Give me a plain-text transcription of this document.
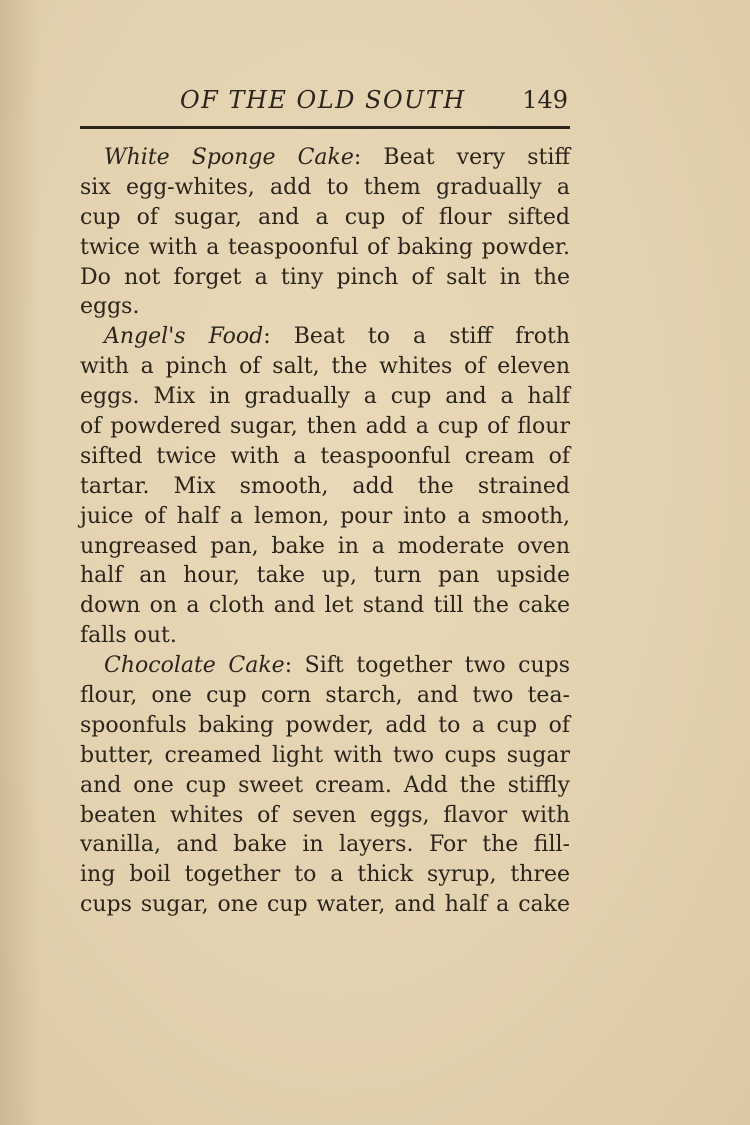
OF THE OLD SOUTH 149
White Sponge Cake: Beat very stiff
six egg-whites, add to them gradually a
cup of sugar, and a cup of flour sifted
twice with a teaspoonful of baking powder.
Do not forget a tiny pinch of salt in the
eggs.
Angel's Food: Beat to a stiff froth
with a pinch of salt, the whites of eleven
eggs. Mix in gradually a cup and a half
of powdered sugar, then add a cup of flour
sifted twice with a teaspoonful cream of
tartar. Mix smooth, add the strained
juice of half a lemon, pour into a smooth,
ungreased pan, bake in a moderate oven
half an hour, take up, turn pan upside
down on a cloth and let stand till the cake
falls out.
Chocolate Cake: Sift together two cups
flour, one cup corn starch, and two tea-
spoonfuls baking powder, add to a cup of
butter, creamed light with two cups sugar
and one cup sweet cream. Add the stiffly
beaten whites of seven eggs, flavor with
vanilla, and bake in layers. For the fill-
ing boil together to a thick syrup, three
cups sugar, one cup water, and half a cake
